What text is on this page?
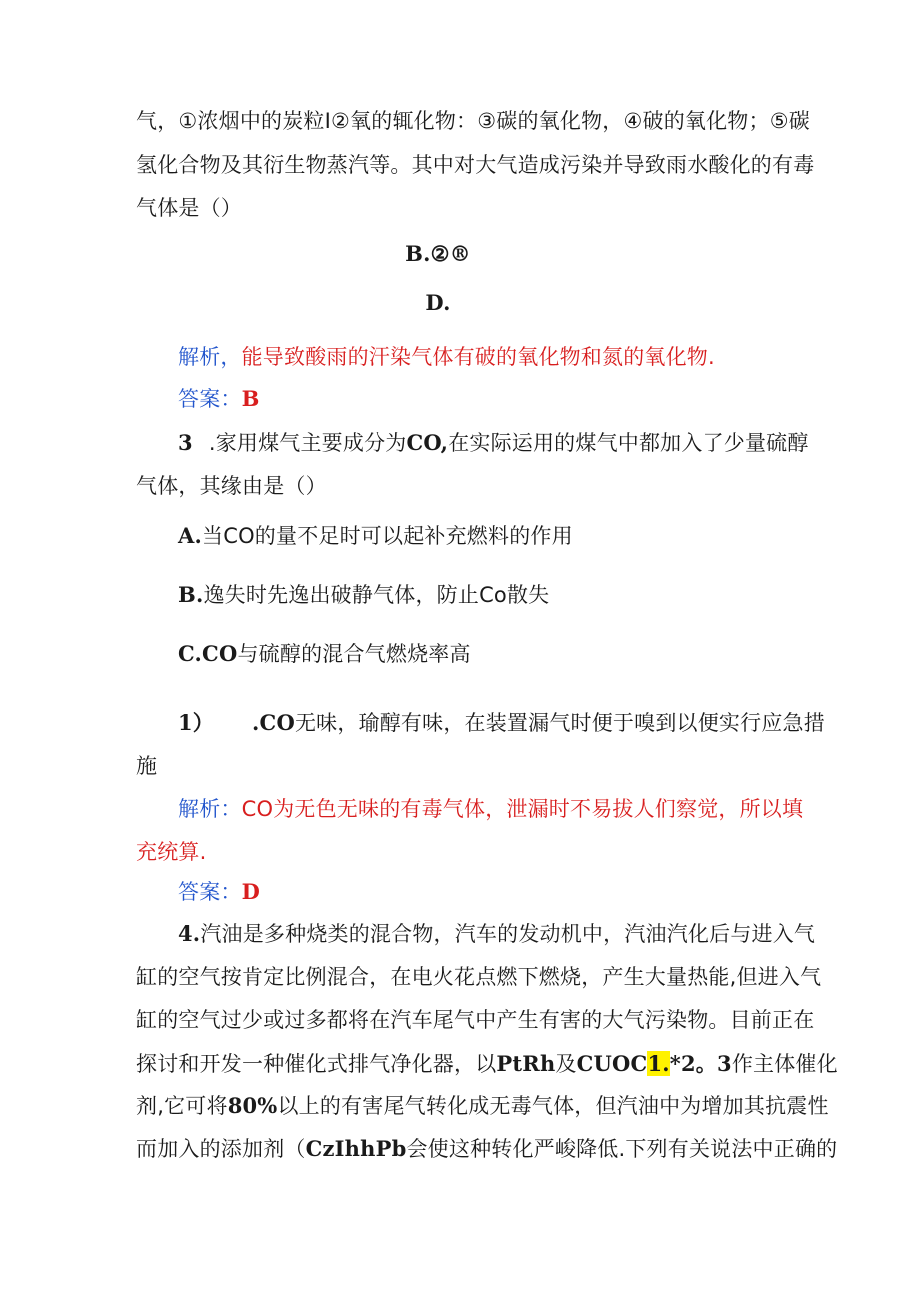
气，①浓烟中的炭粒I②氧的辄化物：③碳的氧化物，④破的氧化物；⑤碳
氢化合物及其衍生物蒸汽等。其中对大气造成污染并导致雨水酸化的有毒
气体是（）
B.②®
D.
解析，能导致酸雨的汗染气体有破的氧化物和氮的氧化物.
答案：B
3 .家用煤气主要成分为CO,在实际运用的煤气中都加入了少量硫醇
气体，其缘由是（）
A.当CO的量不足时可以起补充燃料的作用
B.逸失时先逸出破静气体，防止Co散失
C.CO与硫醇的混合气燃烧率高
1） .CO无味，瑜醇有味，在装置漏气时便于嗅到以便实行应急措
施
解析：CO为无色无味的有毒气体，泄漏时不易拔人们察觉，所以填
充统算.
答案：D
4.汽油是多种烧类的混合物，汽车的发动机中，汽油汽化后与进入气
缸的空气按肯定比例混合，在电火花点燃下燃烧，产生大量热能,但进入气
缸的空气过少或过多都将在汽车尾气中产生有害的大气污染物。目前正在
探讨和开发一种催化式排气净化器，以PtRh及CUOC1.*2。3作主体催化
剂,它可将80%以上的有害尾气转化成无毒气体，但汽油中为增加其抗震性
而加入的添加剂（CzIhhPb会使这种转化严峻降低.下列有关说法中正确的
